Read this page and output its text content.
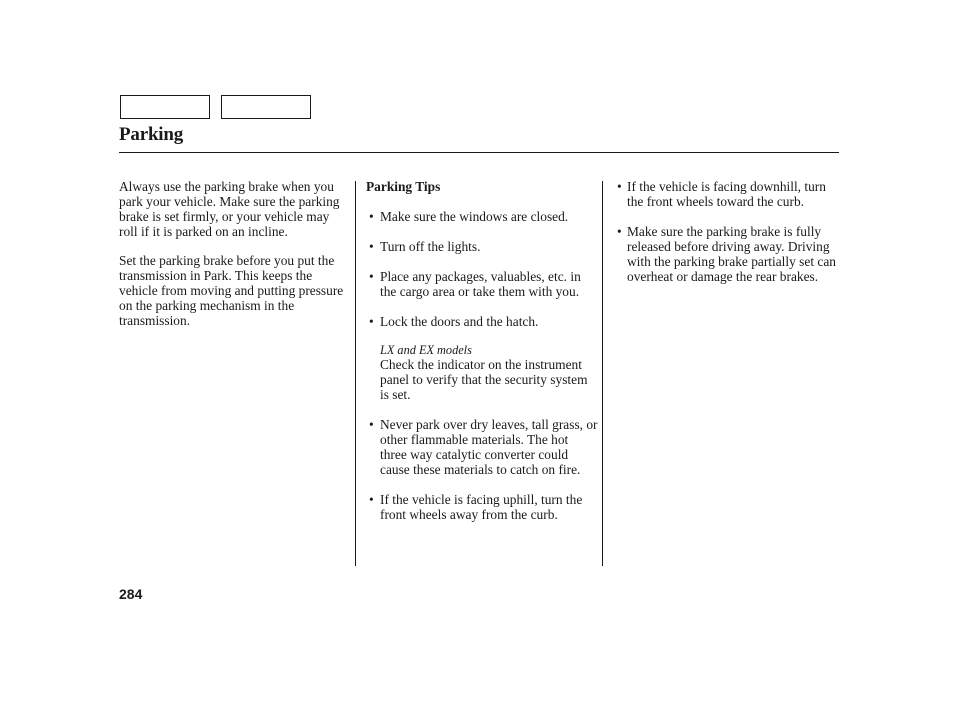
Parking

Always use the parking brake when you park your vehicle. Make sure the parking brake is set firmly, or your vehicle may roll if it is parked on an incline.

Set the parking brake before you put the transmission in Park. This keeps the vehicle from moving and putting pressure on the parking mechanism in the transmission.

Parking Tips
• Make sure the windows are closed.
• Turn off the lights.
• Place any packages, valuables, etc. in the cargo area or take them with you.
• Lock the doors and the hatch.
LX and EX models
Check the indicator on the instrument panel to verify that the security system is set.
• Never park over dry leaves, tall grass, or other flammable materials. The hot three way catalytic converter could cause these materials to catch on fire.
• If the vehicle is facing uphill, turn the front wheels away from the curb.
• If the vehicle is facing downhill, turn the front wheels toward the curb.
• Make sure the parking brake is fully released before driving away. Driving with the parking brake partially set can overheat or damage the rear brakes.
284
